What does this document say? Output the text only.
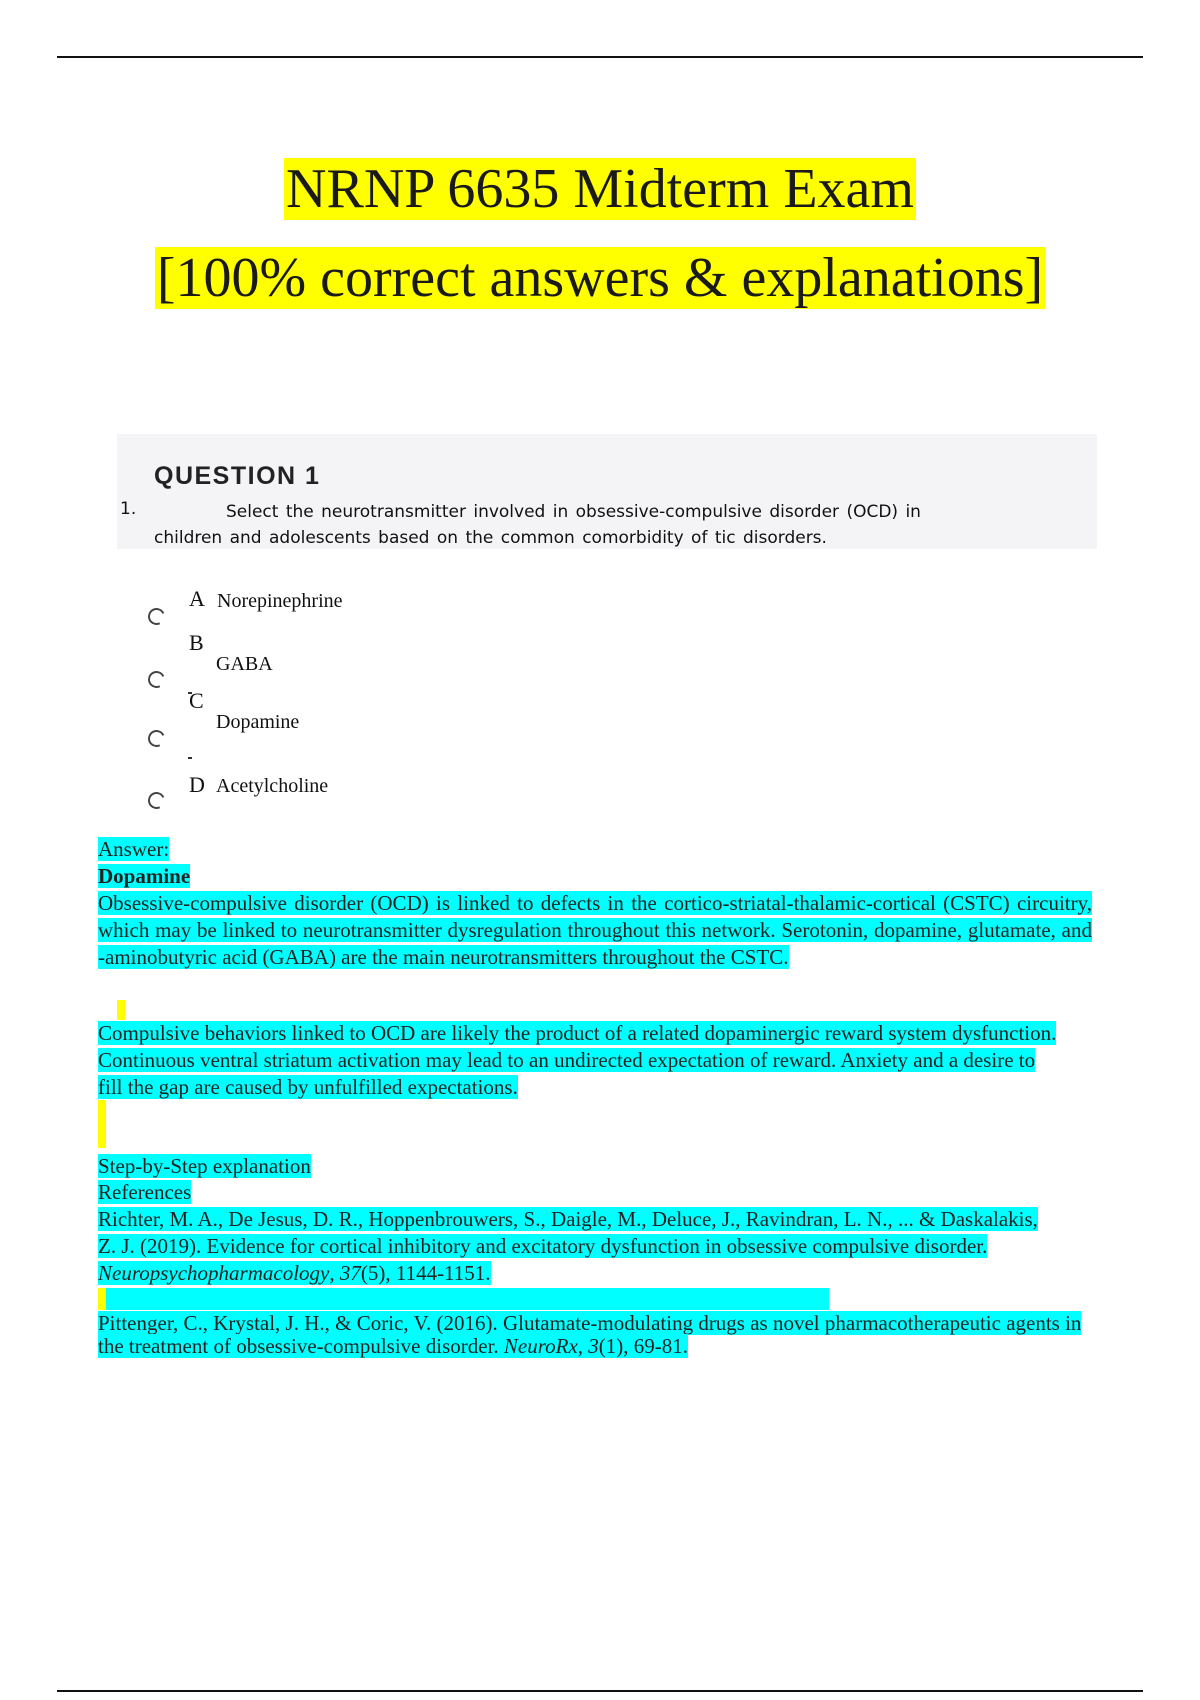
NRNP 6635 Midterm Exam
[100% correct answers & explanations]
QUESTION 1
1.	Select the neurotransmitter involved in obsessive-compulsive disorder (OCD) in children and adolescents based on the common comorbidity of tic disorders.
A Norepinephrine
B
GABA
C
Dopamine
D Acetylcholine
Answer:
Dopamine
Obsessive-compulsive disorder (OCD) is linked to defects in the cortico-striatal-thalamic-cortical (CSTC) circuitry, which may be linked to neurotransmitter dysregulation throughout this network. Serotonin, dopamine, glutamate, and -aminobutyric acid (GABA) are the main neurotransmitters throughout the CSTC.
Compulsive behaviors linked to OCD are likely the product of a related dopaminergic reward system dysfunction. Continuous ventral striatum activation may lead to an undirected expectation of reward. Anxiety and a desire to fill the gap are caused by unfulfilled expectations.
Step-by-Step explanation
References
Richter, M. A., De Jesus, D. R., Hoppenbrouwers, S., Daigle, M., Deluce, J., Ravindran, L. N., ... & Daskalakis, Z. J. (2019). Evidence for cortical inhibitory and excitatory dysfunction in obsessive compulsive disorder. Neuropsychopharmacology, 37(5), 1144-1151.
Pittenger, C., Krystal, J. H., & Coric, V. (2016). Glutamate-modulating drugs as novel pharmacotherapeutic agents in the treatment of obsessive-compulsive disorder. NeuroRx, 3(1), 69-81.
